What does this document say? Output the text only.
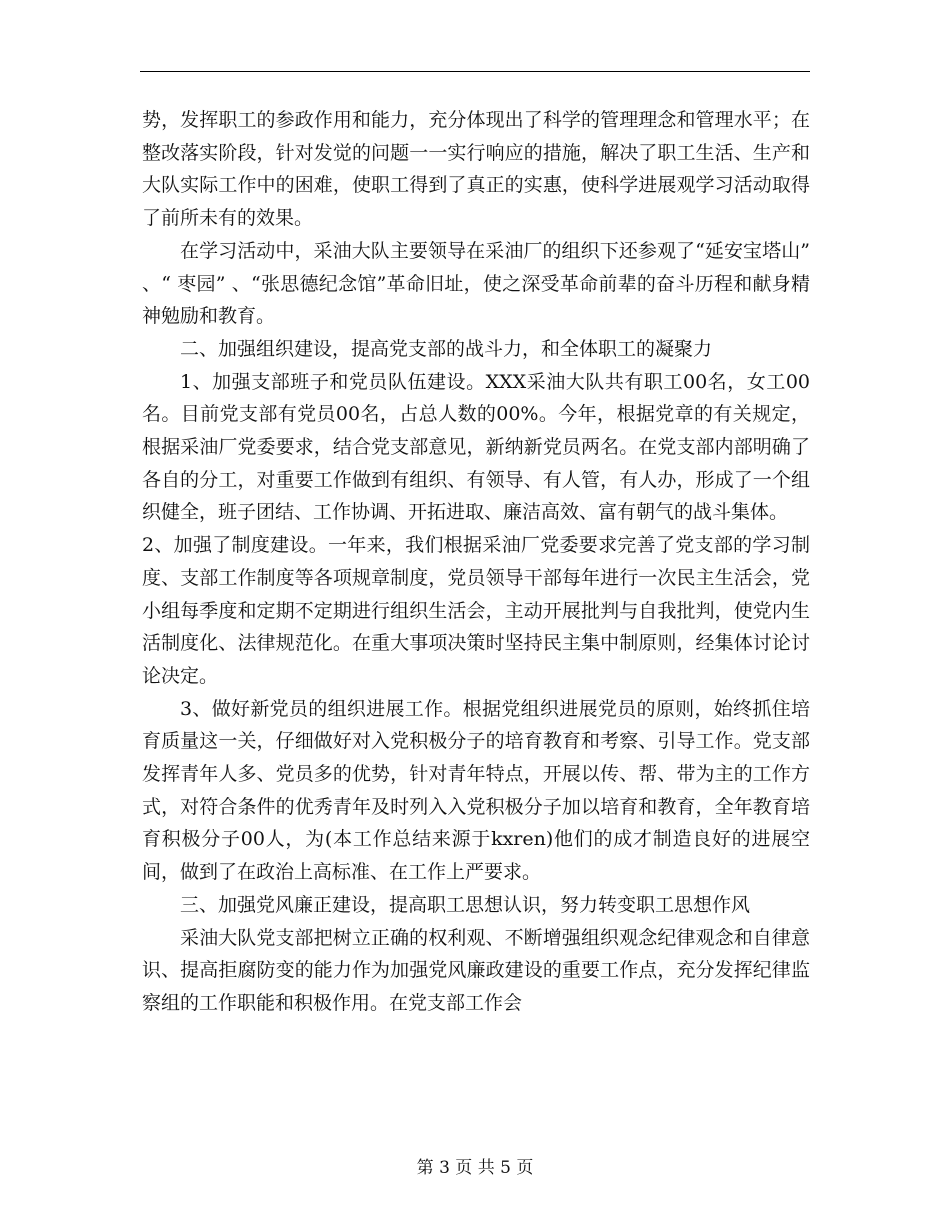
势，发挥职工的参政作用和能力，充分体现出了科学的管理理念和管理水平；在整改落实阶段，针对发觉的问题一一实行响应的措施，解决了职工生活、生产和大队实际工作中的困难，使职工得到了真正的实惠，使科学进展观学习活动取得了前所未有的效果。

在学习活动中，采油大队主要领导在采油厂的组织下还参观了“延安宝塔山” 、“ 枣园” 、“张思德纪念馆”革命旧址，使之深受革命前辈的奋斗历程和献身精神勉励和教育。

二、加强组织建设，提高党支部的战斗力，和全体职工的凝聚力

1、加强支部班子和党员队伍建设。XXX采油大队共有职工00名，女工00名。目前党支部有党员00名，占总人数的00%。今年，根据党章的有关规定，根据采油厂党委要求，结合党支部意见，新纳新党员两名。在党支部内部明确了各自的分工，对重要工作做到有组织、有领导、有人管，有人办，形成了一个组织健全，班子团结、工作协调、开拓进取、廉洁高效、富有朝气的战斗集体。

2、加强了制度建设。一年来，我们根据采油厂党委要求完善了党支部的学习制度、支部工作制度等各项规章制度，党员领导干部每年进行一次民主生活会，党小组每季度和定期不定期进行组织生活会，主动开展批判与自我批判，使党内生活制度化、法律规范化。在重大事项决策时坚持民主集中制原则，经集体讨论讨论决定。

3、做好新党员的组织进展工作。根据党组织进展党员的原则，始终抓住培育质量这一关，仔细做好对入党积极分子的培育教育和考察、引导工作。党支部发挥青年人多、党员多的优势，针对青年特点，开展以传、帮、带为主的工作方式，对符合条件的优秀青年及时列入入党积极分子加以培育和教育，全年教育培育积极分子00人，为(本工作总结来源于kxren)他们的成才制造良好的进展空间，做到了在政治上高标准、在工作上严要求。

三、加强党风廉正建设，提高职工思想认识，努力转变职工思想作风

采油大队党支部把树立正确的权利观、不断增强组织观念纪律观念和自律意识、提高拒腐防变的能力作为加强党风廉政建设的重要工作点，充分发挥纪律监察组的工作职能和积极作用。在党支部工作会

第 3 页 共 5 页
